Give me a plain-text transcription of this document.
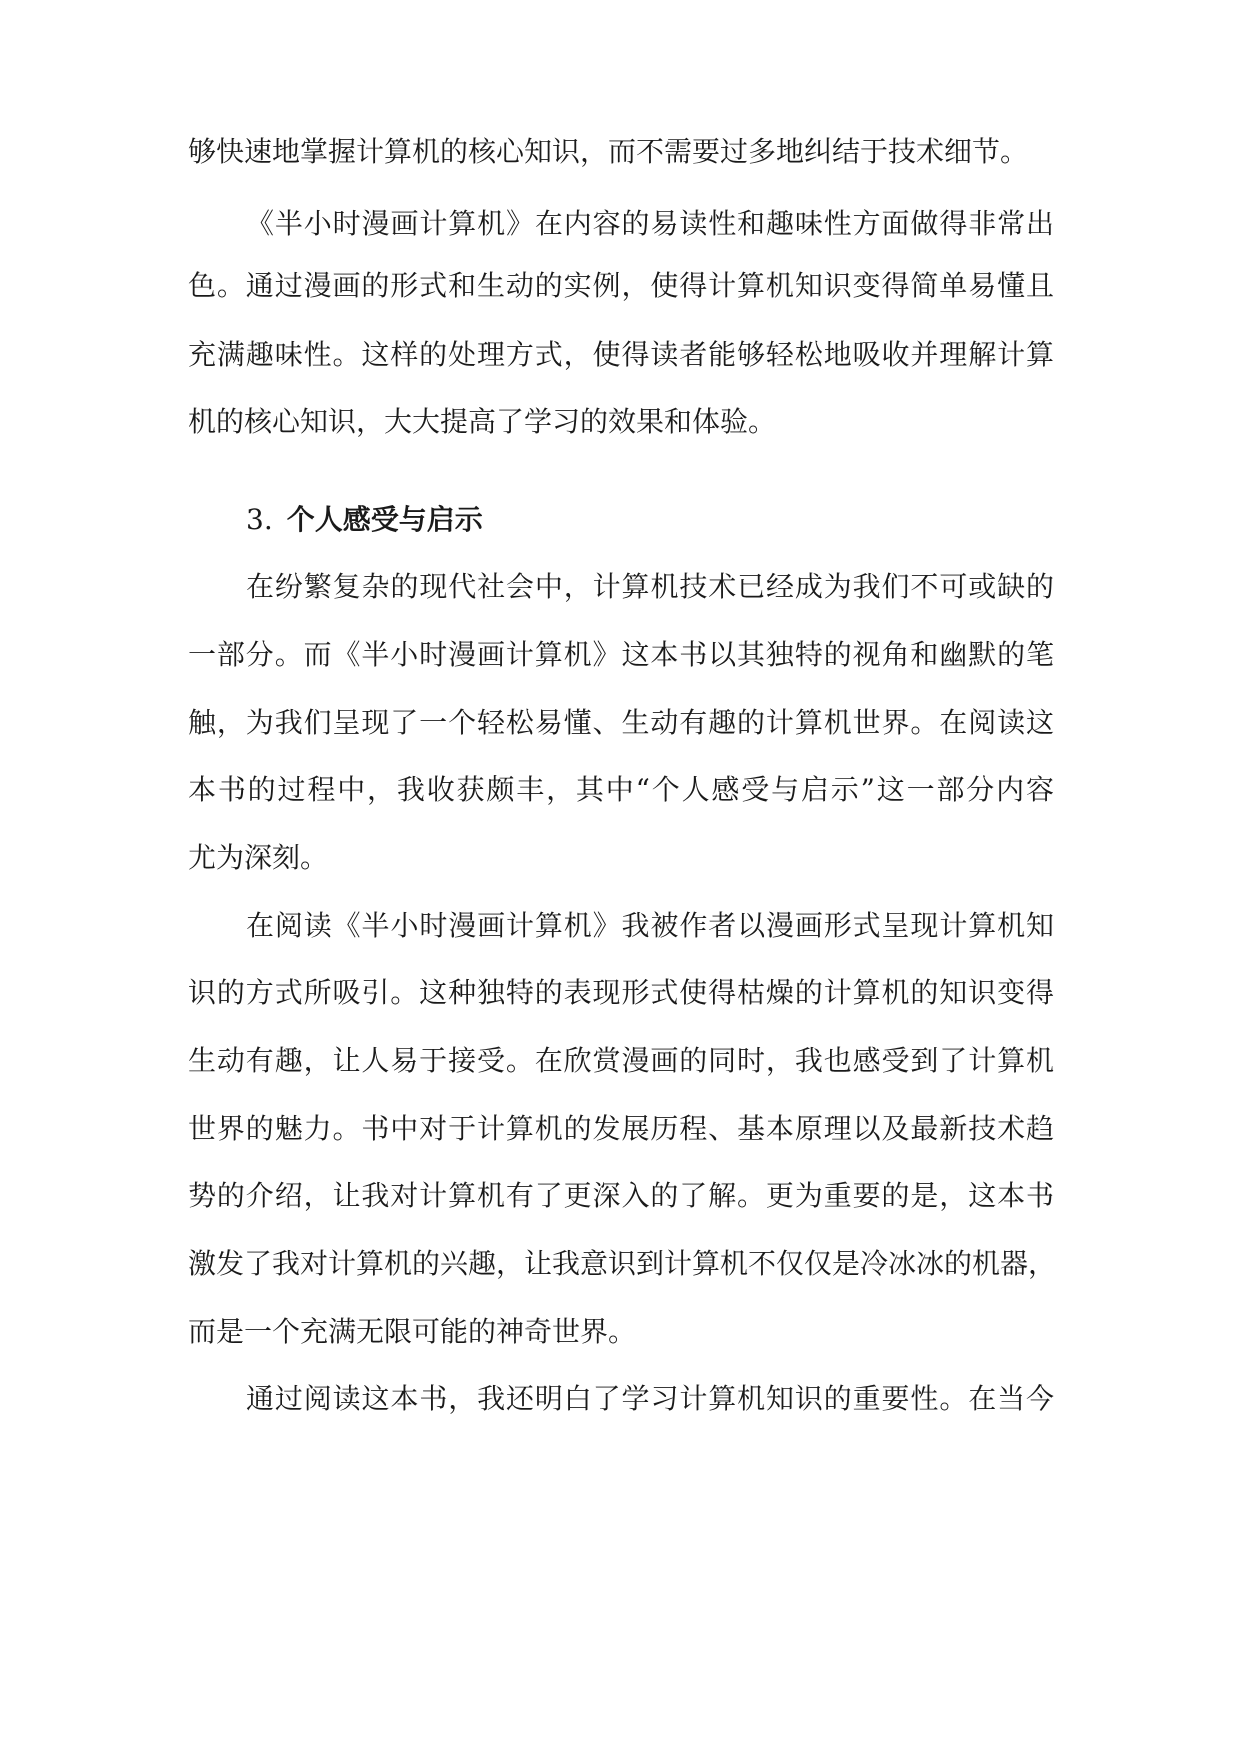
够快速地掌握计算机的核心知识，而不需要过多地纠结于技术细节。
《半小时漫画计算机》在内容的易读性和趣味性方面做得非常出
色。通过漫画的形式和生动的实例，使得计算机知识变得简单易懂且
充满趣味性。这样的处理方式，使得读者能够轻松地吸收并理解计算
机的核心知识，大大提高了学习的效果和体验。
3. 个人感受与启示
在纷繁复杂的现代社会中，计算机技术已经成为我们不可或缺的
一部分。而《半小时漫画计算机》这本书以其独特的视角和幽默的笔
触，为我们呈现了一个轻松易懂、生动有趣的计算机世界。在阅读这
本书的过程中，我收获颇丰，其中“个人感受与启示”这一部分内容
尤为深刻。
在阅读《半小时漫画计算机》我被作者以漫画形式呈现计算机知
识的方式所吸引。这种独特的表现形式使得枯燥的计算机的知识变得
生动有趣，让人易于接受。在欣赏漫画的同时，我也感受到了计算机
世界的魅力。书中对于计算机的发展历程、基本原理以及最新技术趋
势的介绍，让我对计算机有了更深入的了解。更为重要的是，这本书
激发了我对计算机的兴趣，让我意识到计算机不仅仅是冷冰冰的机器，
而是一个充满无限可能的神奇世界。
通过阅读这本书，我还明白了学习计算机知识的重要性。在当今
